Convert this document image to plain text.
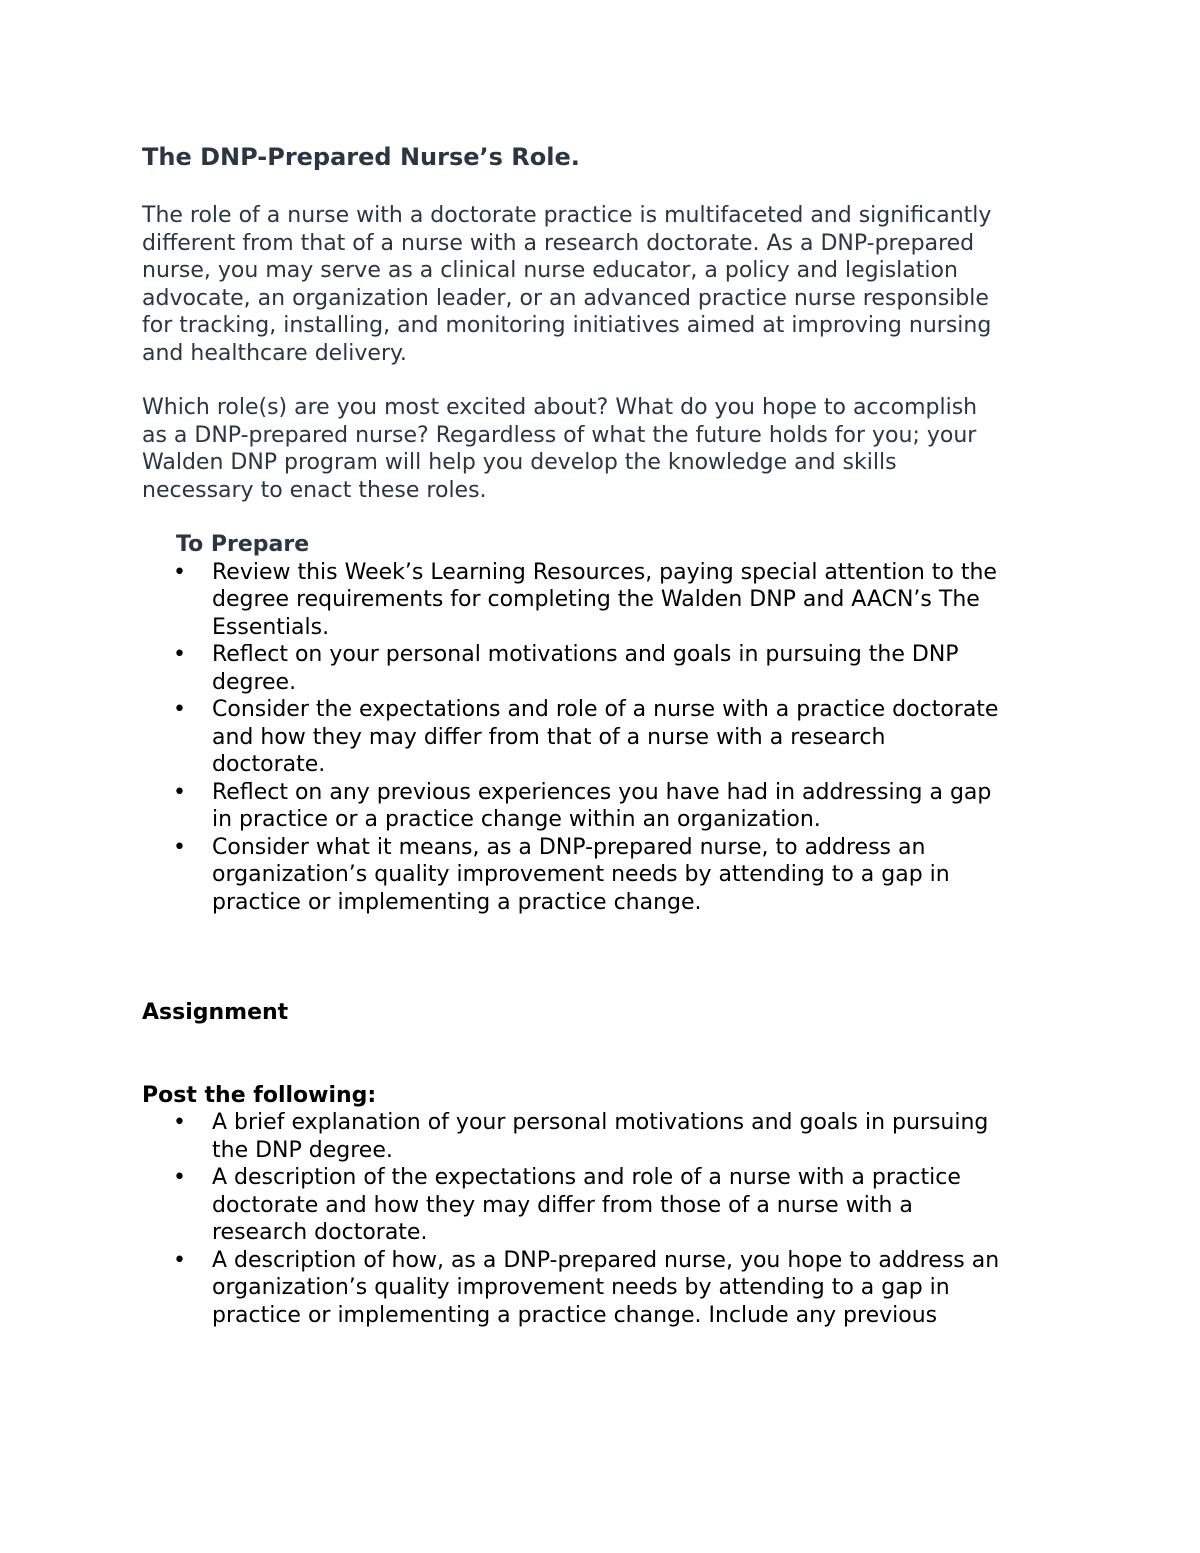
The DNP-Prepared Nurse’s Role.

The role of a nurse with a doctorate practice is multifaceted and significantly
different from that of a nurse with a research doctorate. As a DNP-prepared
nurse, you may serve as a clinical nurse educator, a policy and legislation
advocate, an organization leader, or an advanced practice nurse responsible
for tracking, installing, and monitoring initiatives aimed at improving nursing
and healthcare delivery.

Which role(s) are you most excited about? What do you hope to accomplish
as a DNP-prepared nurse? Regardless of what the future holds for you; your
Walden DNP program will help you develop the knowledge and skills
necessary to enact these roles.

To Prepare
• Review this Week’s Learning Resources, paying special attention to the
degree requirements for completing the Walden DNP and AACN’s The
Essentials.
• Reflect on your personal motivations and goals in pursuing the DNP
degree.
• Consider the expectations and role of a nurse with a practice doctorate
and how they may differ from that of a nurse with a research
doctorate.
• Reflect on any previous experiences you have had in addressing a gap
in practice or a practice change within an organization.
• Consider what it means, as a DNP-prepared nurse, to address an
organization’s quality improvement needs by attending to a gap in
practice or implementing a practice change.
Assignment
Post the following:
• A brief explanation of your personal motivations and goals in pursuing
the DNP degree.
• A description of the expectations and role of a nurse with a practice
doctorate and how they may differ from those of a nurse with a
research doctorate.
• A description of how, as a DNP-prepared nurse, you hope to address an
organization’s quality improvement needs by attending to a gap in
practice or implementing a practice change. Include any previous
